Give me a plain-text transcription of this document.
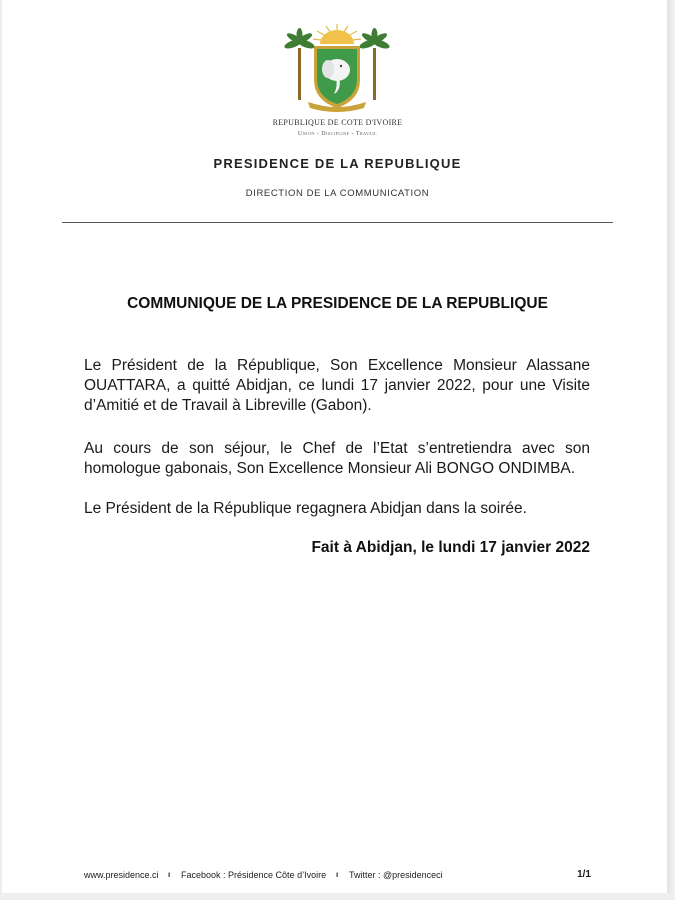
REPUBLIQUE DE COTE D'IVOIRE
Union - Discipline - Travail
PRESIDENCE DE LA REPUBLIQUE
DIRECTION DE LA COMMUNICATION
COMMUNIQUE DE LA PRESIDENCE DE LA REPUBLIQUE
Le Président de la République, Son Excellence Monsieur Alassane OUATTARA, a quitté Abidjan, ce lundi 17 janvier 2022, pour une Visite d’Amitié et de Travail à Libreville (Gabon).
Au cours de son séjour, le Chef de l’Etat s’entretiendra avec son homologue gabonais, Son Excellence Monsieur Ali BONGO ONDIMBA.
Le Président de la République regagnera Abidjan dans la soirée.
Fait à Abidjan, le lundi 17 janvier 2022
www.presidence.ci ı Facebook : Présidence Côte d’Ivoire ı Twitter : @presidenceci	1/1
